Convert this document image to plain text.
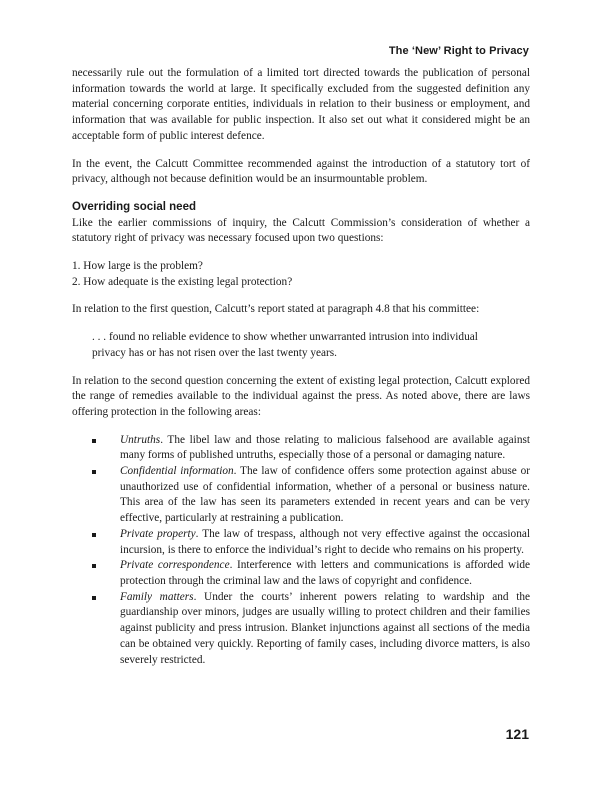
The ‘New’ Right to Privacy

necessarily rule out the formulation of a limited tort directed towards the publication of personal information towards the world at large. It specifically excluded from the suggested definition any material concerning corporate entities, individuals in relation to their business or employment, and information that was available for public inspection. It also set out what it considered might be an acceptable form of public interest defence.

In the event, the Calcutt Committee recommended against the introduction of a statutory tort of privacy, although not because definition would be an insurmountable problem.

Overriding social need

Like the earlier commissions of inquiry, the Calcutt Commission’s consideration of whether a statutory right of privacy was necessary focused upon two questions:

1. How large is the problem?
2. How adequate is the existing legal protection?

In relation to the first question, Calcutt’s report stated at paragraph 4.8 that his committee:

. . . found no reliable evidence to show whether unwarranted intrusion into individual privacy has or has not risen over the last twenty years.

In relation to the second question concerning the extent of existing legal protection, Calcutt explored the range of remedies available to the individual against the press. As noted above, there are laws offering protection in the following areas:

Untruths. The libel law and those relating to malicious falsehood are available against many forms of published untruths, especially those of a personal or damaging nature.
Confidential information. The law of confidence offers some protection against abuse or unauthorized use of confidential information, whether of a personal or business nature. This area of the law has seen its parameters extended in recent years and can be very effective, particularly at restraining a publication.
Private property. The law of trespass, although not very effective against the occasional incursion, is there to enforce the individual’s right to decide who remains on his property.
Private correspondence. Interference with letters and communications is afforded wide protection through the criminal law and the laws of copyright and confidence.
Family matters. Under the courts’ inherent powers relating to wardship and the guardianship over minors, judges are usually willing to protect children and their families against publicity and press intrusion. Blanket injunctions against all sections of the media can be obtained very quickly. Reporting of family cases, including divorce matters, is also severely restricted.
121
